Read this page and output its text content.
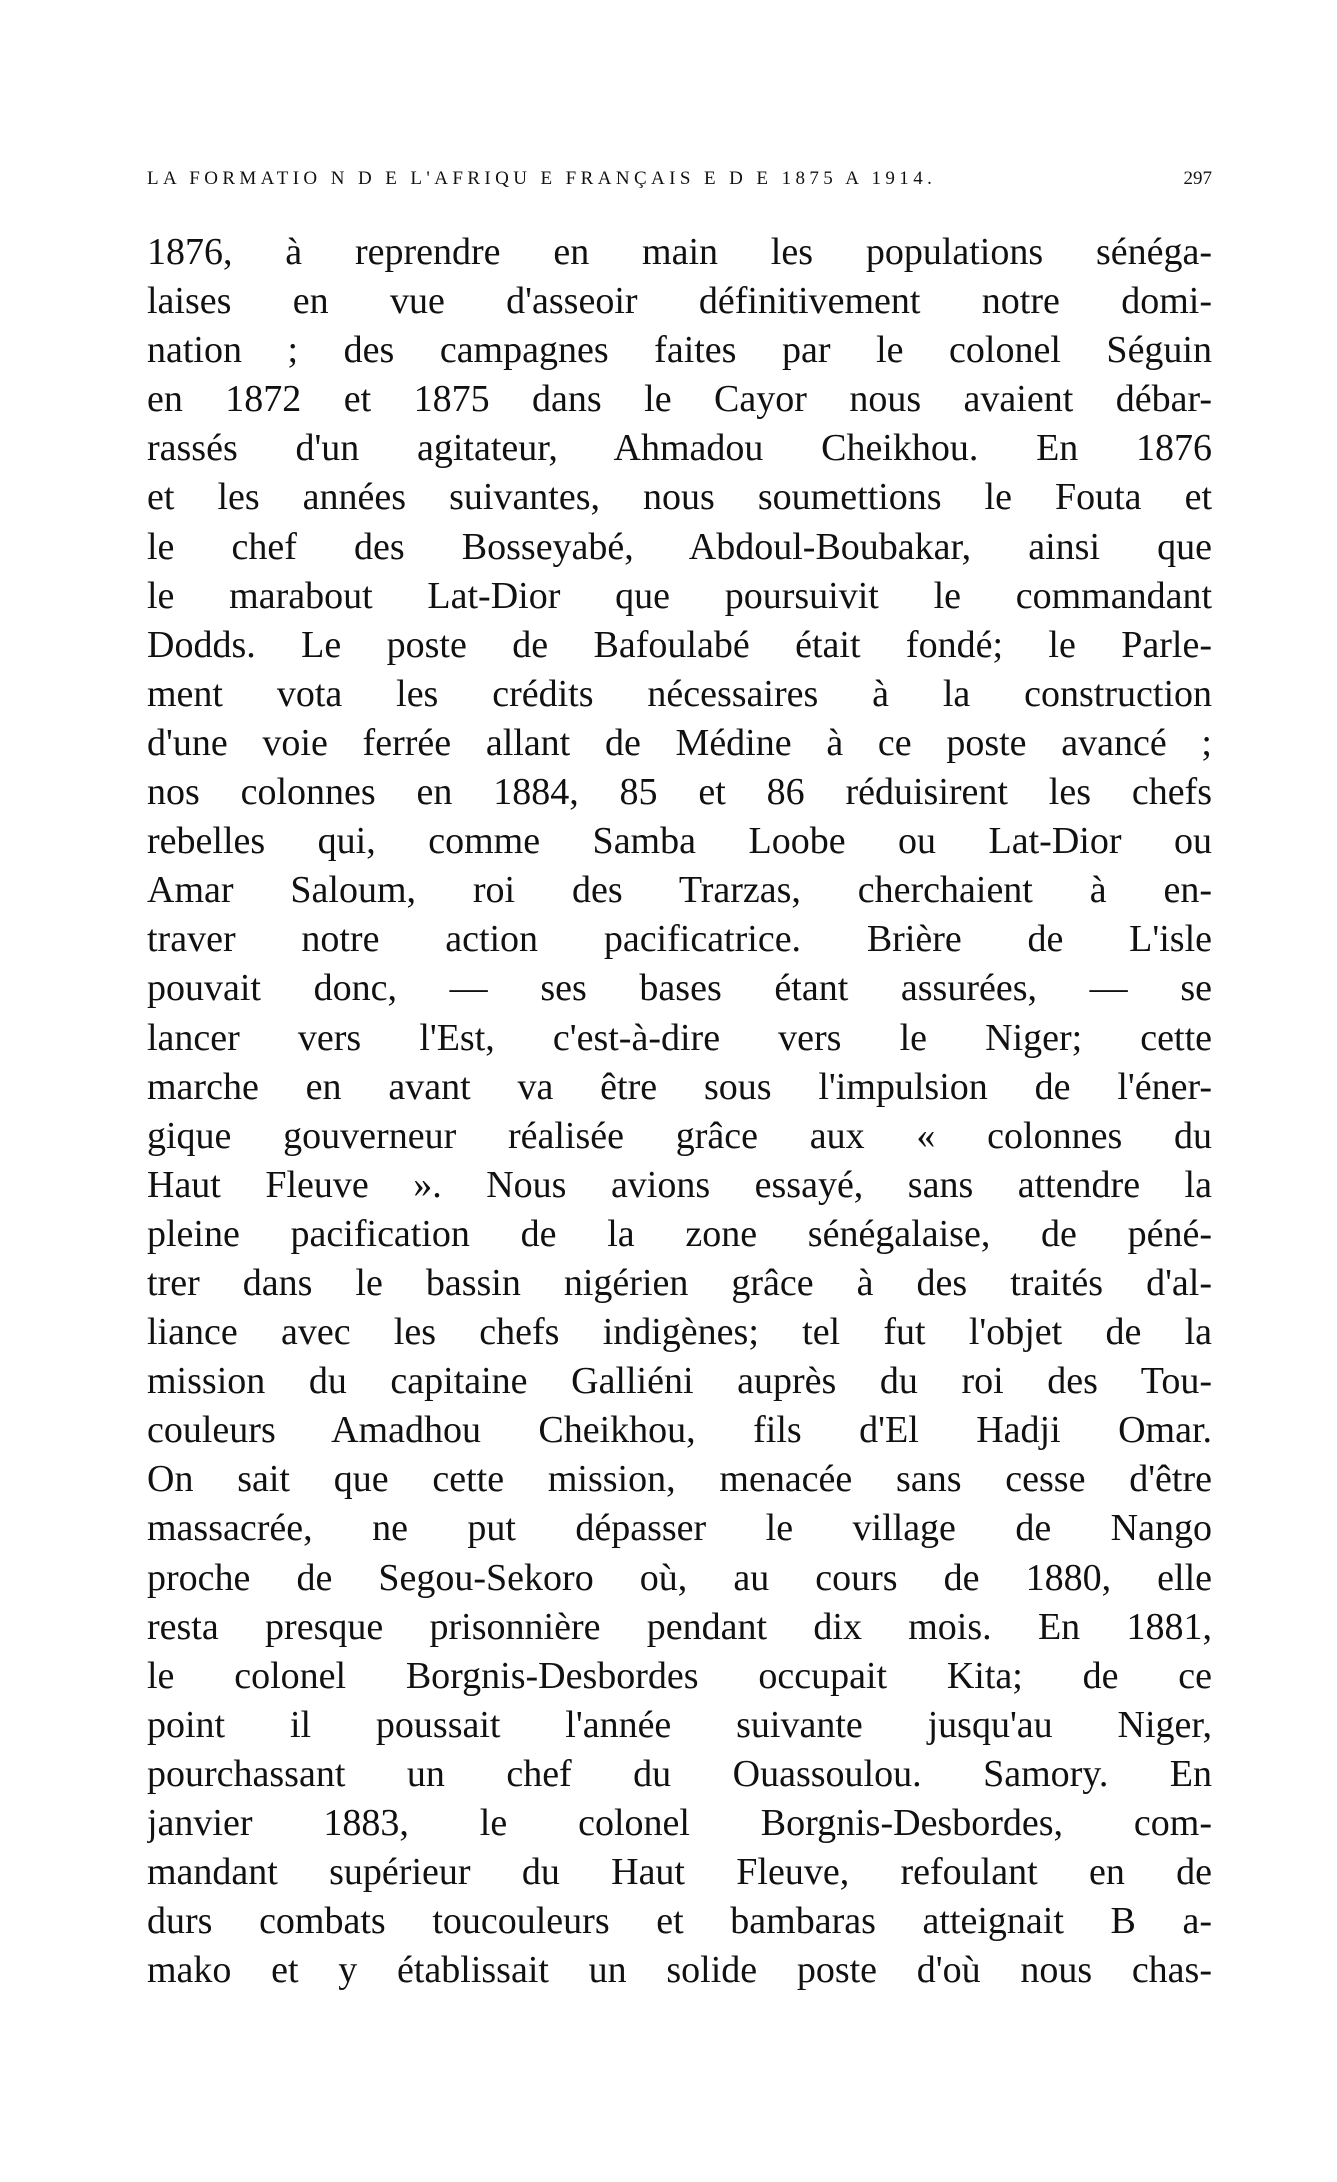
LA FORMATIO N D E L'AFRIQU E FRANÇAIS E D E 1875 A 1914.	297
1876, à reprendre en main les populations sénéga-
laises en vue d'asseoir définitivement notre domi-
nation ; des campagnes faites par le colonel Séguin
en 1872 et 1875 dans le Cayor nous avaient débar-
rassés d'un agitateur, Ahmadou Cheikhou. En 1876
et les années suivantes, nous soumettions le Fouta et
le chef des Bosseyabé, Abdoul-Boubakar, ainsi que
le marabout Lat-Dior que poursuivit le commandant
Dodds. Le poste de Bafoulabé était fondé; le Parle-
ment vota les crédits nécessaires à la construction
d'une voie ferrée allant de Médine à ce poste avancé ;
nos colonnes en 1884, 85 et 86 réduisirent les chefs
rebelles qui, comme Samba Loobe ou Lat-Dior ou
Amar Saloum, roi des Trarzas, cherchaient à en-
traver notre action pacificatrice. Brière de L'isle
pouvait donc, — ses bases étant assurées, — se
lancer vers l'Est, c'est-à-dire vers le Niger; cette
marche en avant va être sous l'impulsion de l'éner-
gique gouverneur réalisée grâce aux « colonnes du
Haut Fleuve ». Nous avions essayé, sans attendre la
pleine pacification de la zone sénégalaise, de péné-
trer dans le bassin nigérien grâce à des traités d'al-
liance avec les chefs indigènes; tel fut l'objet de la
mission du capitaine Galliéni auprès du roi des Tou-
couleurs Amadhou Cheikhou, fils d'El Hadji Omar.
On sait que cette mission, menacée sans cesse d'être
massacrée, ne put dépasser le village de Nango
proche de Segou-Sekoro où, au cours de 1880, elle
resta presque prisonnière pendant dix mois. En 1881,
le colonel Borgnis-Desbordes occupait Kita; de ce
point il poussait l'année suivante jusqu'au Niger,
pourchassant un chef du Ouassoulou. Samory. En
janvier 1883, le colonel Borgnis-Desbordes, com-
mandant supérieur du Haut Fleuve, refoulant en de
durs combats toucouleurs et bambaras atteignait B a-
mako et y établissait un solide poste d'où nous chas-
